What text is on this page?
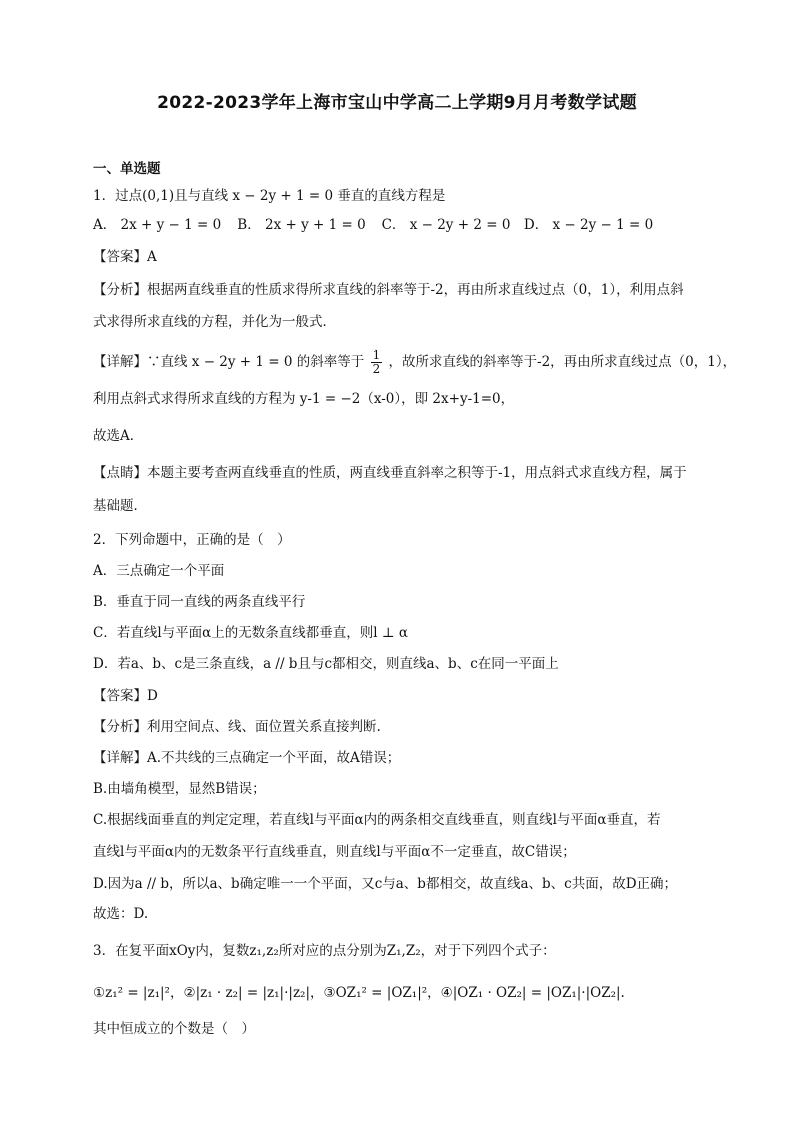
2022-2023学年上海市宝山中学高二上学期9月月考数学试题
一、单选题
1．过点(0,1)且与直线 x − 2y + 1 = 0 垂直的直线方程是
A． 2x + y − 1 = 0 B． 2x + y + 1 = 0 C． x − 2y + 2 = 0 D． x − 2y − 1 = 0
【答案】A
【分析】根据两直线垂直的性质求得所求直线的斜率等于-2，再由所求直线过点（0，1），利用点斜
式求得所求直线的方程，并化为一般式．
【详解】∵直线 x − 2y + 1 = 0 的斜率等于 $\frac{1}{2}$ ，故所求直线的斜率等于-2，再由所求直线过点（0，1），
利用点斜式求得所求直线的方程为 y-1 = −2（x-0），即 2x+y-1=0，
故选A．
【点睛】本题主要考查两直线垂直的性质，两直线垂直斜率之积等于-1，用点斜式求直线方程，属于
基础题．
2．下列命题中，正确的是（　）
A．三点确定一个平面
B．垂直于同一直线的两条直线平行
C．若直线l与平面α上的无数条直线都垂直，则l ⊥ α
D．若a、b、c是三条直线，a // b且与c都相交，则直线a、b、c在同一平面上
【答案】D
【分析】利用空间点、线、面位置关系直接判断.
【详解】A.不共线的三点确定一个平面，故A错误；
B.由墙角模型，显然B错误；
C.根据线面垂直的判定定理，若直线l与平面α内的两条相交直线垂直，则直线l与平面α垂直，若
直线l与平面α内的无数条平行直线垂直，则直线l与平面α不一定垂直，故C错误；
D.因为a // b，所以a、b确定唯一一个平面，又c与a、b都相交，故直线a、b、c共面，故D正确；
故选：D.
3．在复平面xOy内，复数z₁,z₂所对应的点分别为Z₁,Z₂，对于下列四个式子：
①z₁² = |z₁|²，②|z₁ · z₂| = |z₁|·|z₂|，③OZ₁² = |OZ₁|²，④|OZ₁ · OZ₂| = |OZ₁|·|OZ₂|.
其中恒成立的个数是（　）
